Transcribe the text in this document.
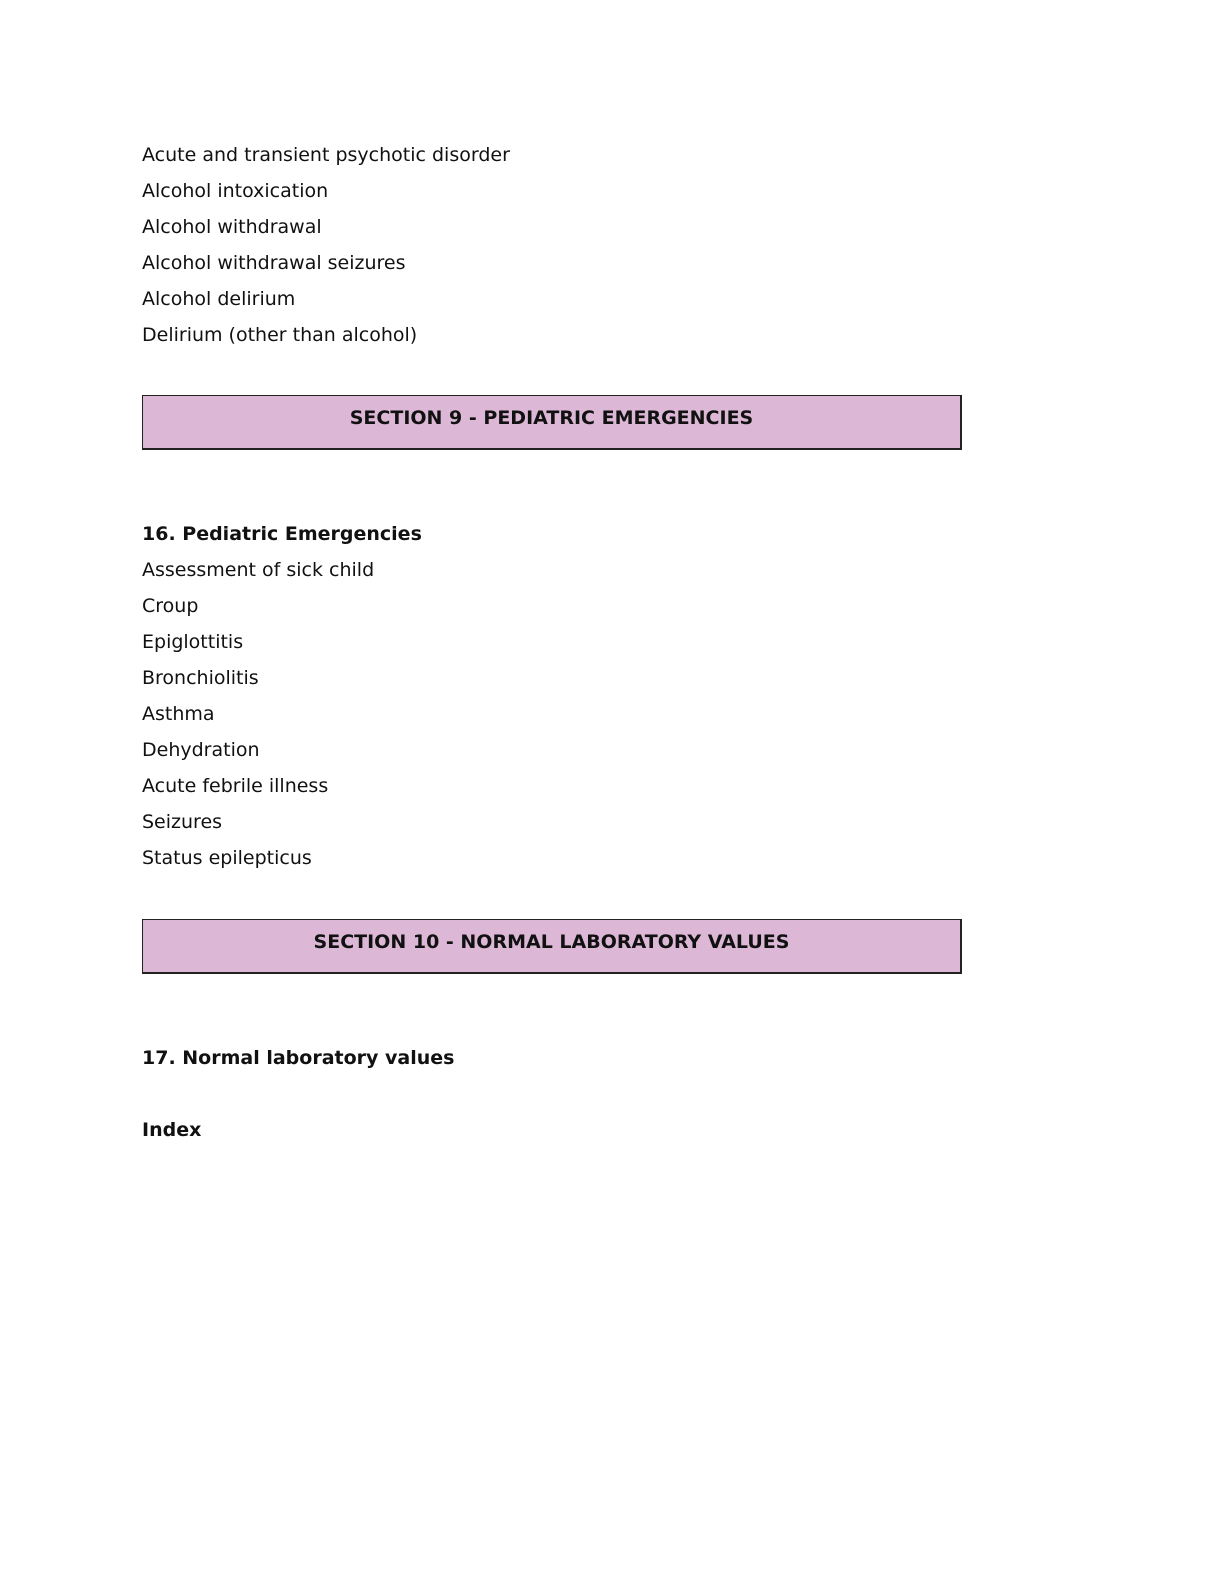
Acute and transient psychotic disorder
Alcohol intoxication
Alcohol withdrawal
Alcohol withdrawal seizures
Alcohol delirium
Delirium (other than alcohol)
SECTION 9 - PEDIATRIC EMERGENCIES
16. Pediatric Emergencies
Assessment of sick child
Croup
Epiglottitis
Bronchiolitis
Asthma
Dehydration
Acute febrile illness
Seizures
Status epilepticus
SECTION 10 - NORMAL LABORATORY VALUES
17. Normal laboratory values
Index
